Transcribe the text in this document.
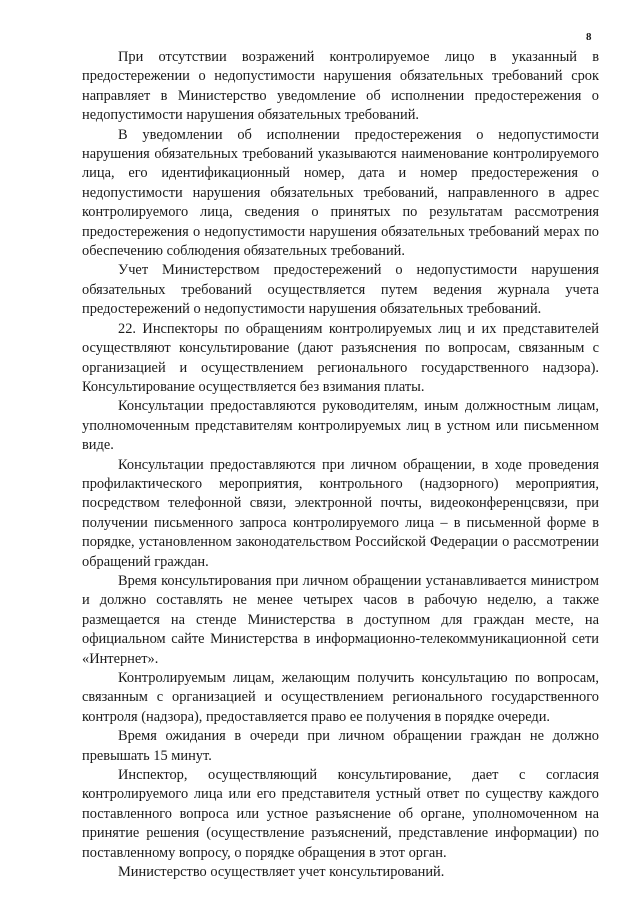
8

При отсутствии возражений контролируемое лицо в указанный в предостережении о недопустимости нарушения обязательных требований срок направляет в Министерство уведомление об исполнении предостережения о недопустимости нарушения обязательных требований.

В уведомлении об исполнении предостережения о недопустимости нарушения обязательных требований указываются наименование контролируемого лица, его идентификационный номер, дата и номер предостережения о недопустимости нарушения обязательных требований, направленного в адрес контролируемого лица, сведения о принятых по результатам рассмотрения предостережения о недопустимости нарушения обязательных требований мерах по обеспечению соблюдения обязательных требований.

Учет Министерством предостережений о недопустимости нарушения обязательных требований осуществляется путем ведения журнала учета предостережений о недопустимости нарушения обязательных требований.

22. Инспекторы по обращениям контролируемых лиц и их представителей осуществляют консультирование (дают разъяснения по вопросам, связанным с организацией и осуществлением регионального государственного надзора). Консультирование осуществляется без взимания платы.

Консультации предоставляются руководителям, иным должностным лицам, уполномоченным представителям контролируемых лиц в устном или письменном виде.

Консультации предоставляются при личном обращении, в ходе проведения профилактического мероприятия, контрольного (надзорного) мероприятия, посредством телефонной связи, электронной почты, видеоконференцсвязи, при получении письменного запроса контролируемого лица – в письменной форме в порядке, установленном законодательством Российской Федерации о рассмотрении обращений граждан.

Время консультирования при личном обращении устанавливается министром и должно составлять не менее четырех часов в рабочую неделю, а также размещается на стенде Министерства в доступном для граждан месте, на официальном сайте Министерства в информационно-телекоммуникационной сети «Интернет».

Контролируемым лицам, желающим получить консультацию по вопросам, связанным с организацией и осуществлением регионального государственного контроля (надзора), предоставляется право ее получения в порядке очереди.

Время ожидания в очереди при личном обращении граждан не должно превышать 15 минут.

Инспектор, осуществляющий консультирование, дает с согласия контролируемого лица или его представителя устный ответ по существу каждого поставленного вопроса или устное разъяснение об органе, уполномоченном на принятие решения (осуществление разъяснений, представление информации) по поставленному вопросу, о порядке обращения в этот орган.

Министерство осуществляет учет консультирований.
